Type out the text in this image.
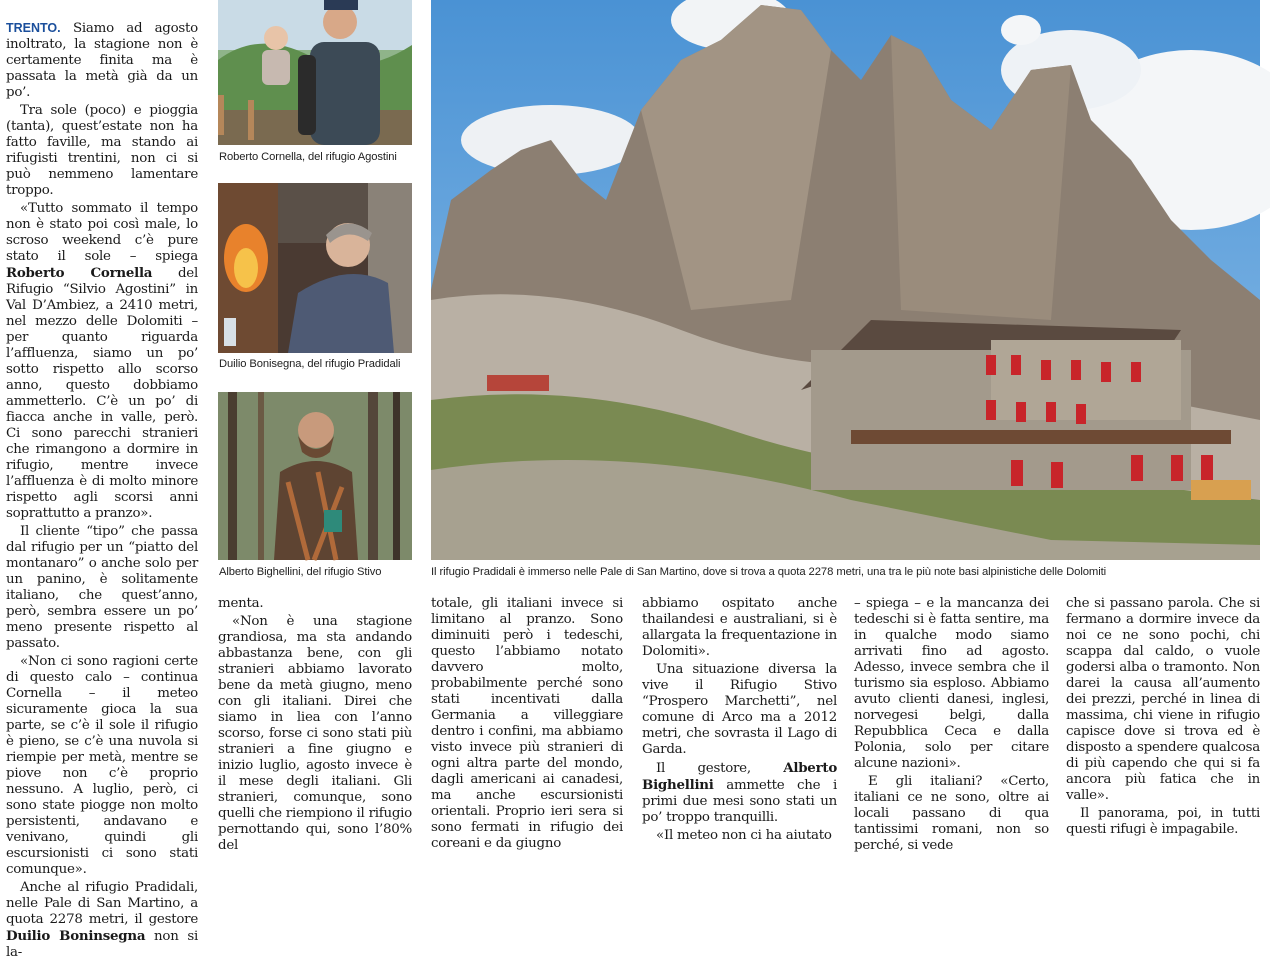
TRENTO. Siamo ad agosto inoltrato, la stagione non è certamente finita ma è passata la metà già da un po’.

Tra sole (poco) e pioggia (tanta), quest’estate non ha fatto faville, ma stando ai rifugisti trentini, non ci si può nemmeno lamentare troppo.

«Tutto sommato il tempo non è stato poi così male, lo scroso weekend c’è pure stato il sole – spiega Roberto Cornella del Rifugio “Silvio Agostini” in Val D’Ambiez, a 2410 metri, nel mezzo delle Dolomiti – per quanto riguarda l’affluenza, siamo un po’ sotto rispetto allo scorso anno, questo dobbiamo ammetterlo. C’è un po’ di fiacca anche in valle, però. Ci sono parecchi stranieri che rimangono a dormire in rifugio, mentre invece l’affluenza è di molto minore rispetto agli scorsi anni soprattutto a pranzo».

Il cliente “tipo” che passa dal rifugio per un “piatto del montanaro” o anche solo per un panino, è solitamente italiano, che quest’anno, però, sembra essere un po’ meno presente rispetto al passato.

«Non ci sono ragioni certe di questo calo – continua Cornella – il meteo sicuramente gioca la sua parte, se c’è il sole il rifugio è pieno, se c’è una nuvola si riempie per metà, mentre se piove non c’è proprio nessuno. A luglio, però, ci sono state piogge non molto persistenti, andavano e venivano, quindi gli escursionisti ci sono stati comunque».

Anche al rifugio Pradidali, nelle Pale di San Martino, a quota 2278 metri, il gestore Duilio Boninsegna non si la-

Roberto Cornella, del rifugio Agostini
Duilio Bonisegna, del rifugio Pradidali
Alberto Bighellini, del rifugio Stivo	Il rifugio Pradidali è immerso nelle Pale di San Martino, dove si trova a quota 2278 metri, una tra le più note basi alpinistiche delle Dolomiti

menta.

«Non è una stagione grandiosa, ma sta andando abbastanza bene, con gli stranieri abbiamo lavorato bene da metà giugno, meno con gli italiani. Direi che siamo in liea con l’anno scorso, forse ci sono stati più stranieri a fine giugno e inizio luglio, agosto invece è il mese degli italiani. Gli stranieri, comunque, sono quelli che riempiono il rifugio pernottando qui, sono l’80% del

totale, gli italiani invece si limitano al pranzo. Sono diminuiti però i tedeschi, questo l’abbiamo notato davvero molto, probabilmente perché sono stati incentivati dalla Germania a villeggiare dentro i confini, ma abbiamo visto invece più stranieri di ogni altra parte del mondo, dagli americani ai canadesi, ma anche escursionisti orientali. Proprio ieri sera si sono fermati in rifugio dei coreani e da giugno

abbiamo ospitato anche thailandesi e australiani, si è allargata la frequentazione in Dolomiti».

Una situazione diversa la vive il Rifugio Stivo “Prospero Marchetti”, nel comune di Arco ma a 2012 metri, che sovrasta il Lago di Garda.

Il gestore, Alberto Bighellini ammette che i primi due mesi sono stati un po’ troppo tranquilli.

«Il meteo non ci ha aiutato

– spiega – e la mancanza dei tedeschi si è fatta sentire, ma in qualche modo siamo arrivati fino ad agosto. Adesso, invece sembra che il turismo sia esploso. Abbiamo avuto clienti danesi, inglesi, norvegesi belgi, dalla Repubblica Ceca e dalla Polonia, solo per citare alcune nazioni».

E gli italiani? «Certo, italiani ce ne sono, oltre ai locali passano di qua tantissimi romani, non so perché, si vede

che si passano parola. Che si fermano a dormire invece da noi ce ne sono pochi, chi scappa dal caldo, o vuole godersi alba o tramonto. Non darei la causa all’aumento dei prezzi, perché in linea di massima, chi viene in rifugio capisce dove si trova ed è disposto a spendere qualcosa di più capendo che qui si fa ancora più fatica che in valle».

Il panorama, poi, in tutti questi rifugi è impagabile.
